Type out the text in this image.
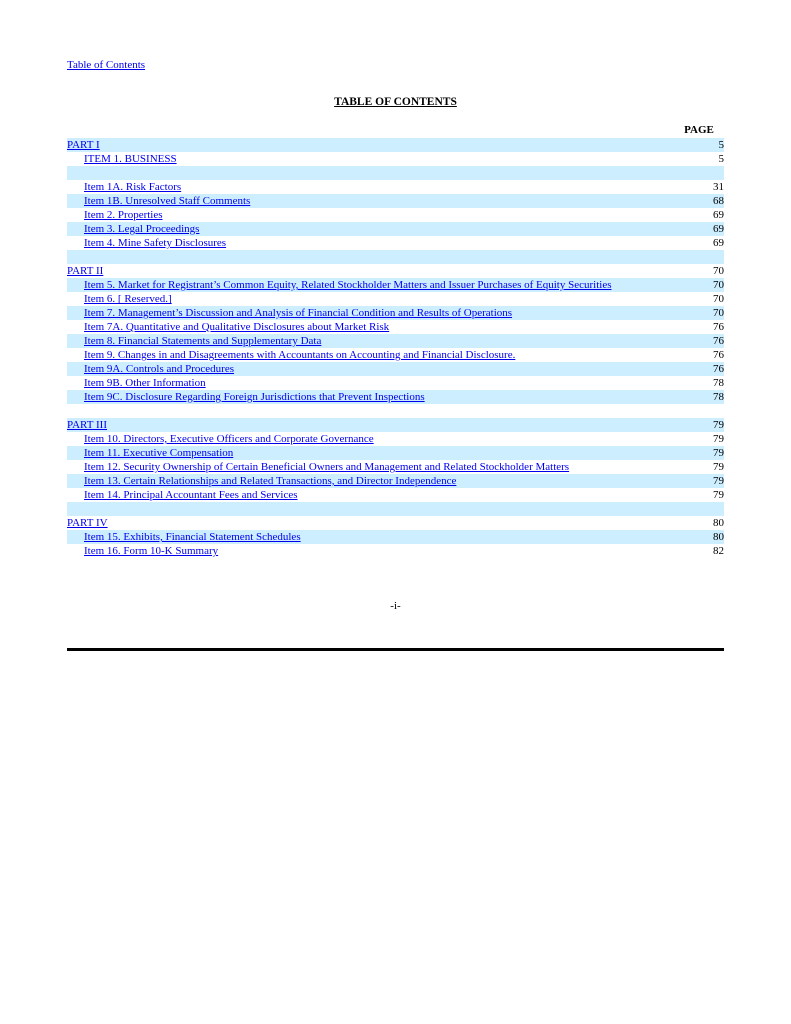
Table of Contents
TABLE OF CONTENTS
PAGE
PART I	5
ITEM 1. BUSINESS	5
Item 1A. Risk Factors	31
Item 1B. Unresolved Staff Comments	68
Item 2. Properties	69
Item 3. Legal Proceedings	69
Item 4. Mine Safety Disclosures	69
PART II	70
Item 5. Market for Registrant’s Common Equity, Related Stockholder Matters and Issuer Purchases of Equity Securities	70
Item 6. [ Reserved.]	70
Item 7. Management’s Discussion and Analysis of Financial Condition and Results of Operations	70
Item 7A. Quantitative and Qualitative Disclosures about Market Risk	76
Item 8. Financial Statements and Supplementary Data	76
Item 9. Changes in and Disagreements with Accountants on Accounting and Financial Disclosure.	76
Item 9A. Controls and Procedures	76
Item 9B. Other Information	78
Item 9C. Disclosure Regarding Foreign Jurisdictions that Prevent Inspections	78
PART III	79
Item 10. Directors, Executive Officers and Corporate Governance	79
Item 11. Executive Compensation	79
Item 12. Security Ownership of Certain Beneficial Owners and Management and Related Stockholder Matters	79
Item 13. Certain Relationships and Related Transactions, and Director Independence	79
Item 14. Principal Accountant Fees and Services	79
PART IV	80
Item 15. Exhibits, Financial Statement Schedules	80
Item 16. Form 10-K Summary	82
-i-
